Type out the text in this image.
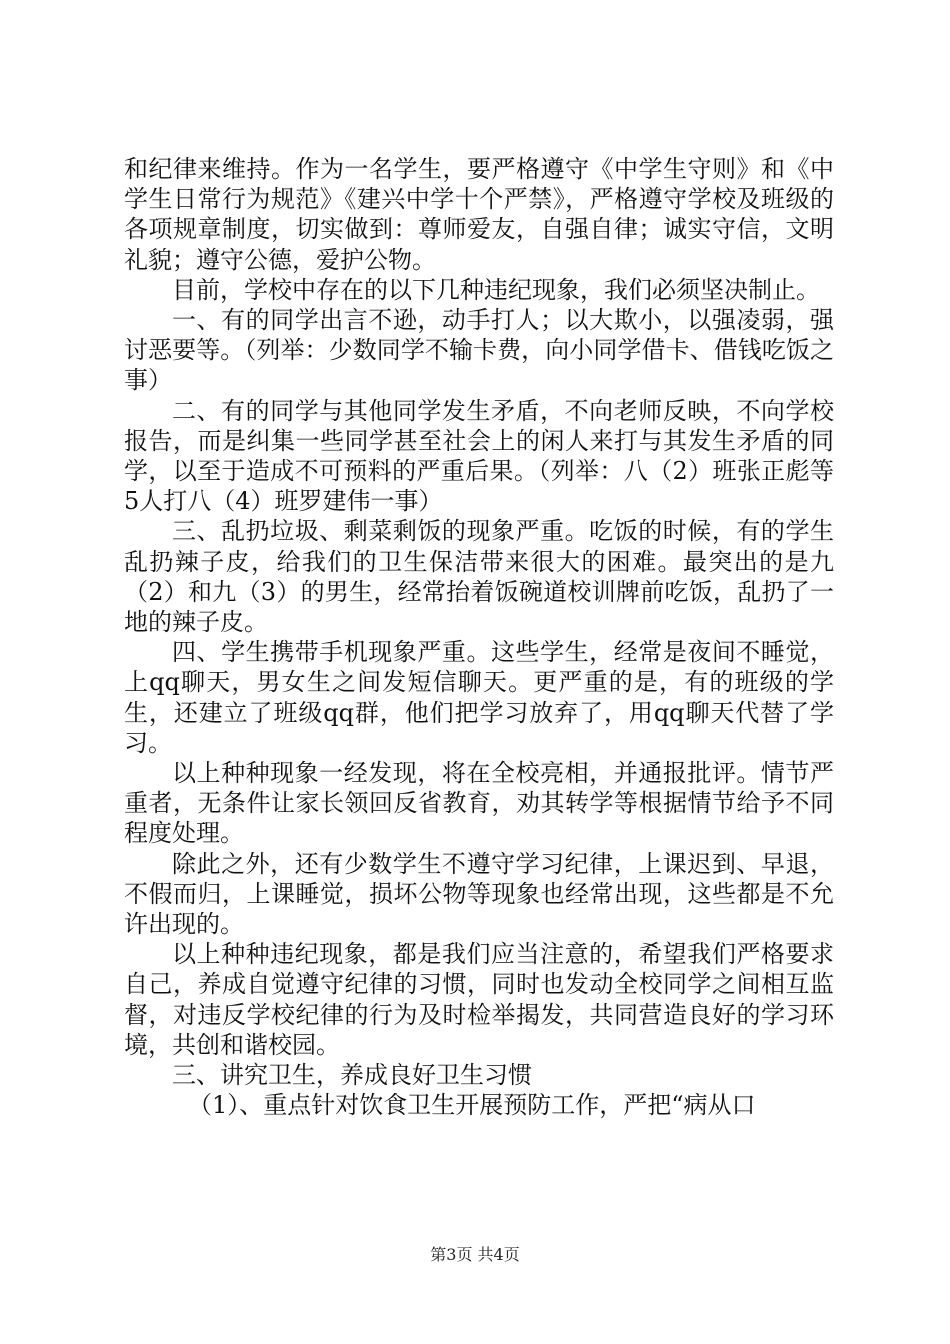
和纪律来维持。作为一名学生，要严格遵守《中学生守则》和《中学生日常行为规范》《建兴中学十个严禁》，严格遵守学校及班级的各项规章制度，切实做到：尊师爱友，自强自律；诚实守信，文明礼貌；遵守公德，爱护公物。

目前，学校中存在的以下几种违纪现象，我们必须坚决制止。

一、有的同学出言不逊，动手打人；以大欺小，以强凌弱，强讨恶要等。（列举：少数同学不输卡费，向小同学借卡、借钱吃饭之事）

二、有的同学与其他同学发生矛盾，不向老师反映，不向学校报告，而是纠集一些同学甚至社会上的闲人来打与其发生矛盾的同学，以至于造成不可预料的严重后果。（列举：八（2）班张正彪等5人打八（4）班罗建伟一事）

三、乱扔垃圾、剩菜剩饭的现象严重。吃饭的时候，有的学生乱扔辣子皮，给我们的卫生保洁带来很大的困难。最突出的是九（2）和九（3）的男生，经常抬着饭碗道校训牌前吃饭，乱扔了一地的辣子皮。

四、学生携带手机现象严重。这些学生，经常是夜间不睡觉，上qq聊天，男女生之间发短信聊天。更严重的是，有的班级的学生，还建立了班级qq群，他们把学习放弃了，用qq聊天代替了学习。

以上种种现象一经发现，将在全校亮相，并通报批评。情节严重者，无条件让家长领回反省教育，劝其转学等根据情节给予不同程度处理。

除此之外，还有少数学生不遵守学习纪律，上课迟到、早退，不假而归，上课睡觉，损坏公物等现象也经常出现，这些都是不允许出现的。

以上种种违纪现象，都是我们应当注意的，希望我们严格要求自己，养成自觉遵守纪律的习惯，同时也发动全校同学之间相互监督，对违反学校纪律的行为及时检举揭发，共同营造良好的学习环境，共创和谐校园。

三、讲究卫生，养成良好卫生习惯

（1）、重点针对饮食卫生开展预防工作，严把“病从口

第3页 共4页
